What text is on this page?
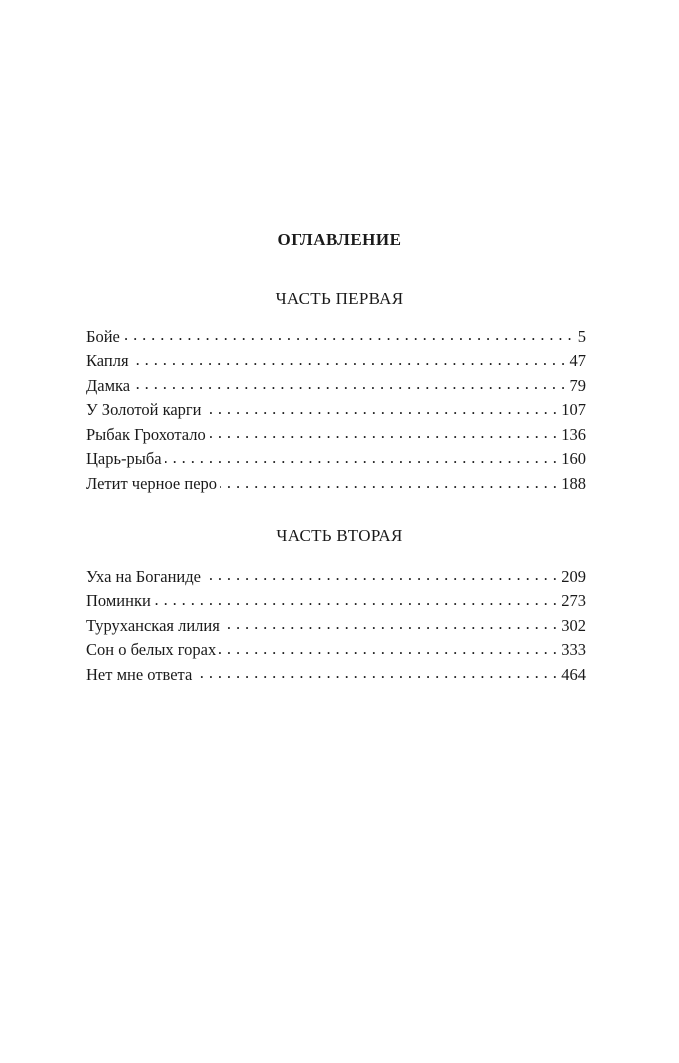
ОГЛАВЛЕНИЕ
ЧАСТЬ ПЕРВАЯ
Бойе . . .	5
Капля . . .	47
Дамка . . .	79
У Золотой карги . . .	107
Рыбак Грохотало . . .	136
Царь-рыба . . .	160
Летит черное перо . . .	188
ЧАСТЬ ВТОРАЯ
Уха на Боганиде . . .	209
Поминки . . .	273
Туруханская лилия . . .	302
Сон о белых горах . . .	333
Нет мне ответа . . .	464
